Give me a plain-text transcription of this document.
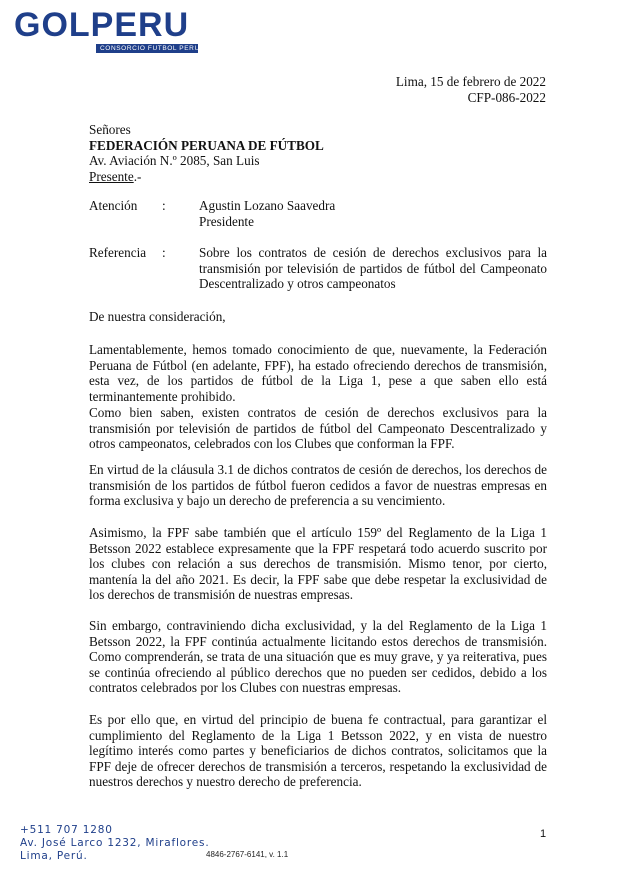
GOLPERU
CONSORCIO FUTBOL PERU
Lima, 15 de febrero de 2022
CFP-086-2022
Señores
FEDERACIÓN PERUANA DE FÚTBOL
Av. Aviación N.º 2085, San Luis
Presente.-
Atención :	Agustin Lozano Saavedra
Presidente
Referencia :	Sobre los contratos de cesión de derechos exclusivos para la transmisión por televisión de partidos de fútbol del Campeonato Descentralizado y otros campeonatos
De nuestra consideración,
Lamentablemente, hemos tomado conocimiento de que, nuevamente, la Federación Peruana de Fútbol (en adelante, FPF), ha estado ofreciendo derechos de transmisión, esta vez, de los partidos de fútbol de la Liga 1, pese a que saben ello está terminantemente prohibido.
Como bien saben, existen contratos de cesión de derechos exclusivos para la transmisión por televisión de partidos de fútbol del Campeonato Descentralizado y otros campeonatos, celebrados con los Clubes que conforman la FPF.
En virtud de la cláusula 3.1 de dichos contratos de cesión de derechos, los derechos de transmisión de los partidos de fútbol fueron cedidos a favor de nuestras empresas en forma exclusiva y bajo un derecho de preferencia a su vencimiento.
Asimismo, la FPF sabe también que el artículo 159º del Reglamento de la Liga 1 Betsson 2022 establece expresamente que la FPF respetará todo acuerdo suscrito por los clubes con relación a sus derechos de transmisión. Mismo tenor, por cierto, mantenía la del año 2021. Es decir, la FPF sabe que debe respetar la exclusividad de los derechos de transmisión de nuestras empresas.
Sin embargo, contraviniendo dicha exclusividad, y la del Reglamento de la Liga 1 Betsson 2022, la FPF continúa actualmente licitando estos derechos de transmisión. Como comprenderán, se trata de una situación que es muy grave, y ya reiterativa, pues se continúa ofreciendo al público derechos que no pueden ser cedidos, debido a los contratos celebrados por los Clubes con nuestras empresas.
Es por ello que, en virtud del principio de buena fe contractual, para garantizar el cumplimiento del Reglamento de la Liga 1 Betsson 2022, y en vista de nuestro legítimo interés como partes y beneficiarios de dichos contratos, solicitamos que la FPF deje de ofrecer derechos de transmisión a terceros, respetando la exclusividad de nuestros derechos y nuestro derecho de preferencia.
+511 707 1280
Av. José Larco 1232, Miraflores.
Lima, Perú.	4846-2767-6141, v. 1.1
1
